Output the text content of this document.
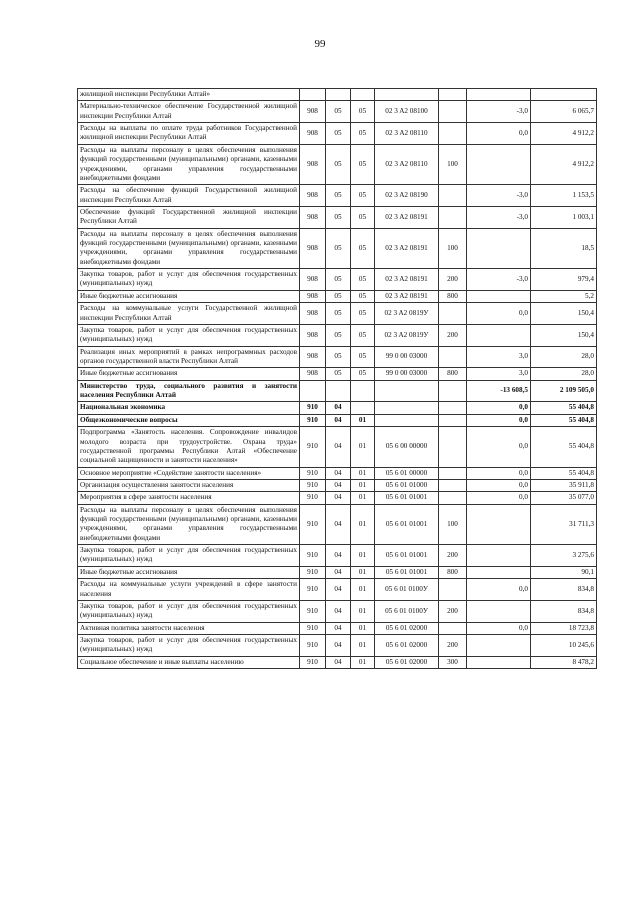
99
жилищной инспекции Республики Алтай»							
Материально-техническое обеспечение Государственной жилищной инспекции Республики Алтай	908	05	05	02 3 A2 08100		-3,0	6 065,7
Расходы на выплаты по оплате труда работников Государственной жилищной инспекции Республики Алтай	908	05	05	02 3 A2 08110		0,0	4 912,2
Расходы на выплаты персоналу в целях обеспечения выполнения функций государственными (муниципальными) органами, казенными учреждениями, органами управления государственными внебюджетными фондами	908	05	05	02 3 A2 08110	100		4 912,2
Расходы на обеспечение функций Государственной жилищной инспекции Республики Алтай	908	05	05	02 3 A2 08190		-3,0	1 153,5
Обеспечение функций Государственной жилищной инспекции Республики Алтай	908	05	05	02 3 A2 08191		-3,0	1 003,1
Расходы на выплаты персоналу в целях обеспечения выполнения функций государственными (муниципальными) органами, казенными учреждениями, органами управления государственными внебюджетными фондами	908	05	05	02 3 A2 08191	100		18,5
Закупка товаров, работ и услуг для обеспечения государственных (муниципальных) нужд	908	05	05	02 3 A2 08191	200	-3,0	979,4
Иные бюджетные ассигнования	908	05	05	02 3 A2 08191	800		5,2
Расходы на коммунальные услуги Государственной жилищной инспекции Республики Алтай	908	05	05	02 3 A2 0819У		0,0	150,4
Закупка товаров, работ и услуг для обеспечения государственных (муниципальных) нужд	908	05	05	02 3 A2 0819У	200		150,4
Реализация иных мероприятий в рамках непрограммных расходов органов государственной власти Республики Алтай	908	05	05	99 0 00 03000		3,0	28,0
Иные бюджетные ассигнования	908	05	05	99 0 00 03000	800	3,0	28,0
Министерство труда, социального развития и занятости населения Республики Алтай						-13 608,5	2 109 505,0
Национальная экономика	910	04				0,0	55 404,8
Общеэкономические вопросы	910	04	01			0,0	55 404,8
Подпрограмма «Занятость населения. Сопровождение инвалидов молодого возраста при трудоустройстве. Охрана труда» государственной программы Республики Алтай «Обеспечение социальной защищенности и занятости населения»	910	04	01	05 6 00 00000		0,0	55 404,8
Основное мероприятие «Содействие занятости населения»	910	04	01	05 6 01 00000		0,0	55 404,8
Организация осуществления занятости населения	910	04	01	05 6 01 01000		0,0	35 911,8
Мероприятия в сфере занятости населения	910	04	01	05 6 01 01001		0,0	35 077,0
Расходы на выплаты персоналу в целях обеспечения выполнения функций государственными (муниципальными) органами, казенными учреждениями, органами управления государственными внебюджетными фондами	910	04	01	05 6 01 01001	100		31 711,3
Закупка товаров, работ и услуг для обеспечения государственных (муниципальных) нужд	910	04	01	05 6 01 01001	200		3 275,6
Иные бюджетные ассигнования	910	04	01	05 6 01 01001	800		90,1
Расходы на коммунальные услуги учреждений в сфере занятости населения	910	04	01	05 6 01 0100У		0,0	834,8
Закупка товаров, работ и услуг для обеспечения государственных (муниципальных) нужд	910	04	01	05 6 01 0100У	200		834,8
Активная политика занятости населения	910	04	01	05 6 01 02000		0,0	18 723,8
Закупка товаров, работ и услуг для обеспечения государственных (муниципальных) нужд	910	04	01	05 6 01 02000	200		10 245,6
Социальное обеспечение и иные выплаты населению	910	04	01	05 6 01 02000	300		8 478,2
